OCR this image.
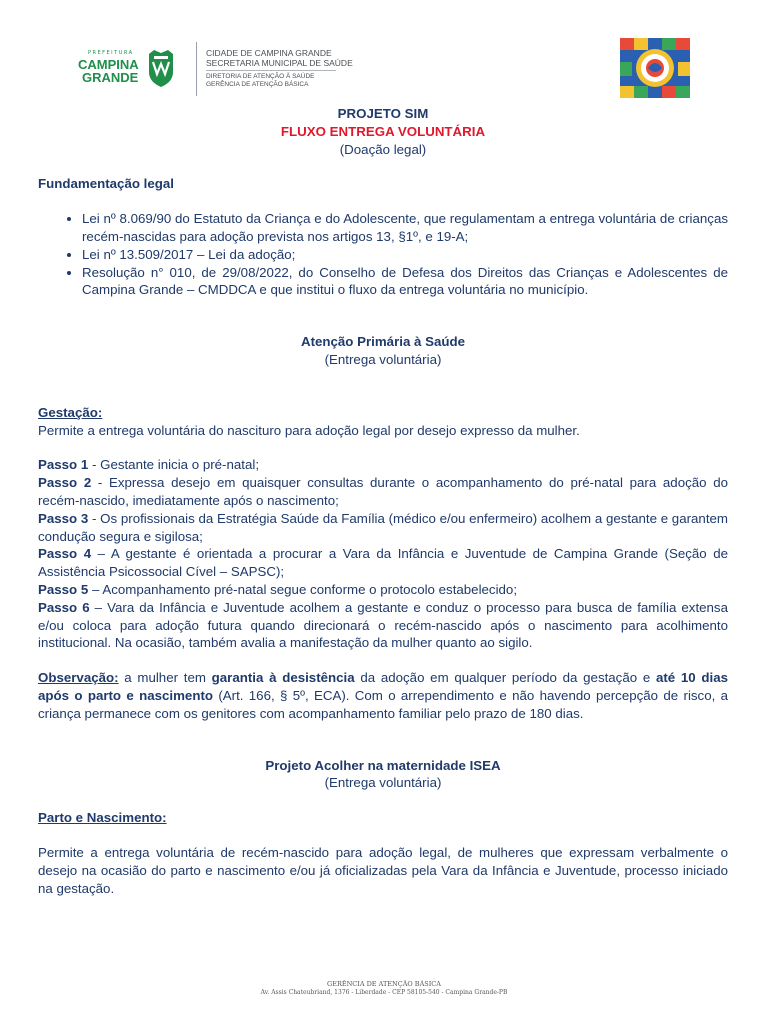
PREFEITURA
CAMPINA
GRANDE
CIDADE DE CAMPINA GRANDE
SECRETARIA MUNICIPAL DE SAÚDE
DIRETORIA DE ATENÇÃO À SAÚDE
GERÊNCIA DE ATENÇÃO BÁSICA
PROJETO SIM
FLUXO ENTREGA VOLUNTÁRIA
(Doação legal)
Fundamentação legal
• Lei nº 8.069/90 do Estatuto da Criança e do Adolescente, que regulamentam a entrega voluntária de crianças recém-nascidas para adoção prevista nos artigos 13, §1º, e 19-A;
• Lei nº 13.509/2017 – Lei da adoção;
• Resolução n° 010, de 29/08/2022, do Conselho de Defesa dos Direitos das Crianças e Adolescentes de Campina Grande – CMDDCA e que institui o fluxo da entrega voluntária no município.
Atenção Primária à Saúde
(Entrega voluntária)
Gestação:

Permite a entrega voluntária do nascituro para adoção legal por desejo expresso da mulher.

Passo 1 - Gestante inicia o pré-natal;

Passo 2 - Expressa desejo em quaisquer consultas durante o acompanhamento do pré-natal para adoção do recém-nascido, imediatamente após o nascimento;

Passo 3 - Os profissionais da Estratégia Saúde da Família (médico e/ou enfermeiro) acolhem a gestante e garantem condução segura e sigilosa;

Passo 4 – A gestante é orientada a procurar a Vara da Infância e Juventude de Campina Grande (Seção de Assistência Psicossocial Cível – SAPSC);

Passo 5 – Acompanhamento pré-natal segue conforme o protocolo estabelecido;

Passo 6 – Vara da Infância e Juventude acolhem a gestante e conduz o processo para busca de família extensa e/ou coloca para adoção futura quando direcionará o recém-nascido após o nascimento para acolhimento institucional. Na ocasião, também avalia a manifestação da mulher quanto ao sigilo.

Observação: a mulher tem garantia à desistência da adoção em qualquer período da gestação e até 10 dias após o parto e nascimento (Art. 166, § 5º, ECA). Com o arrependimento e não havendo percepção de risco, a criança permanece com os genitores com acompanhamento familiar pelo prazo de 180 dias.

Projeto Acolher na maternidade ISEA
(Entrega voluntária)
Parto e Nascimento:

Permite a entrega voluntária de recém-nascido para adoção legal, de mulheres que expressam verbalmente o desejo na ocasião do parto e nascimento e/ou já oficializadas pela Vara da Infância e Juventude, processo iniciado na gestação.

GERÊNCIA DE ATENÇÃO BÁSICA
Av. Assis Chateubriand, 1376 - Liberdade - CEP 58105-540 - Campina Grande-PB
